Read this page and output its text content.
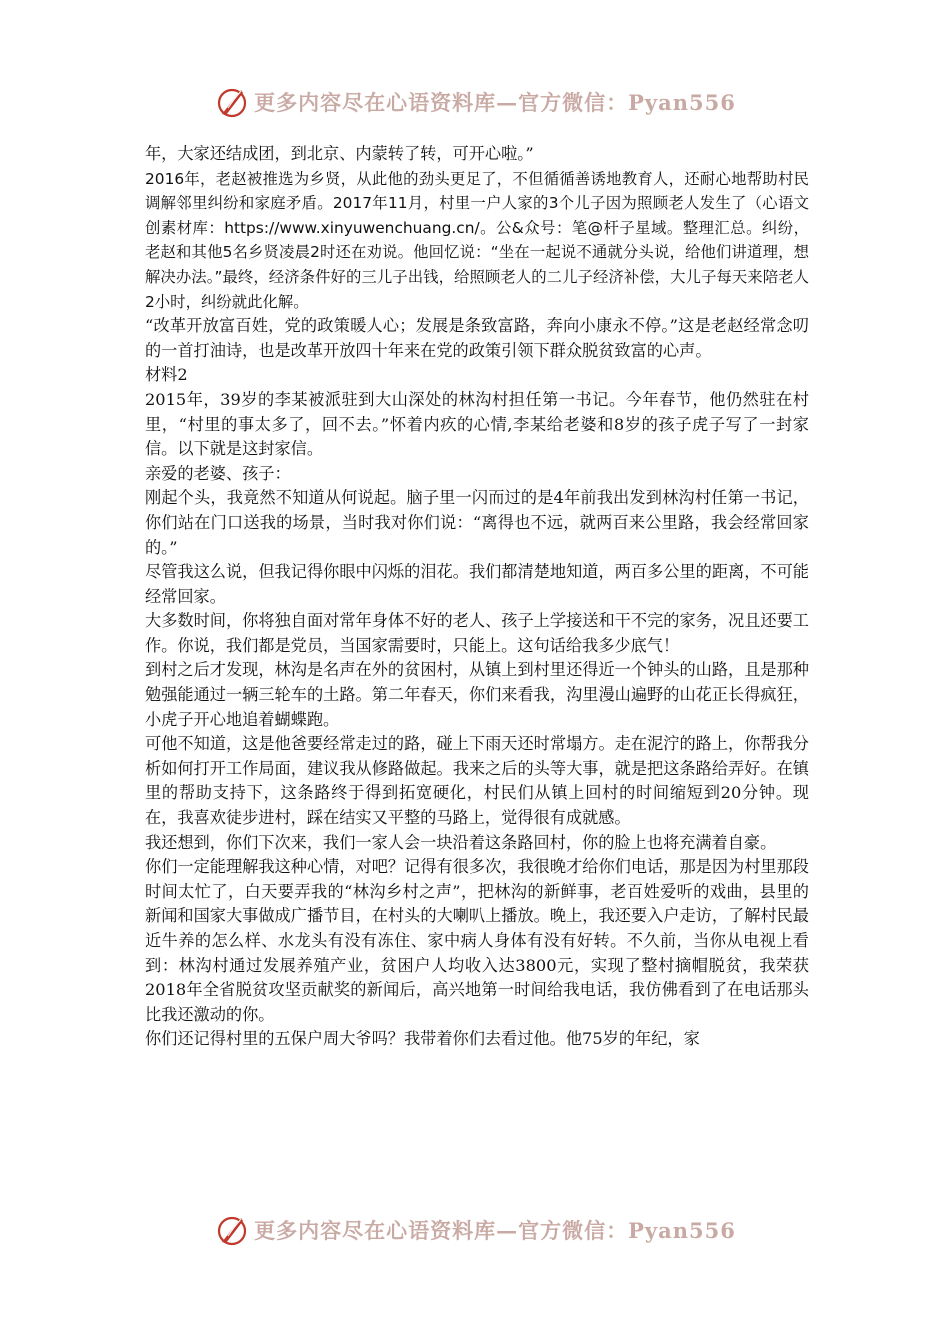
更多内容尽在心语资料库—官方微信：Pyan556

年，大家还结成团，到北京、内蒙转了转，可开心啦。”

2016年，老赵被推选为乡贤，从此他的劲头更足了，不但循循善诱地教育人，还耐心地帮助村民调解邻里纠纷和家庭矛盾。2017年11月，村里一户人家的3个儿子因为照顾老人发生了（心语文创素材库：https://www.xinyuwenchuang.cn/。公&众号：笔@杆子星域。整理汇总。纠纷，老赵和其他5名乡贤凌晨2时还在劝说。他回忆说：“坐在一起说不通就分头说，给他们讲道理，想解决办法。”最终，经济条件好的三儿子出钱，给照顾老人的二儿子经济补偿，大儿子每天来陪老人2小时，纠纷就此化解。

“改革开放富百姓，党的政策暖人心；发展是条致富路，奔向小康永不停。”这是老赵经常念叨的一首打油诗，也是改革开放四十年来在党的政策引领下群众脱贫致富的心声。

材料2

2015年，39岁的李某被派驻到大山深处的林沟村担任第一书记。今年春节，他仍然驻在村里，“村里的事太多了，回不去。”怀着内疚的心情,李某给老婆和8岁的孩子虎子写了一封家信。以下就是这封家信。

亲爱的老婆、孩子：

刚起个头，我竟然不知道从何说起。脑子里一闪而过的是4年前我出发到林沟村任第一书记，你们站在门口送我的场景，当时我对你们说：“离得也不远，就两百来公里路，我会经常回家的。”

尽管我这么说，但我记得你眼中闪烁的泪花。我们都清楚地知道，两百多公里的距离，不可能经常回家。

大多数时间，你将独自面对常年身体不好的老人、孩子上学接送和干不完的家务，况且还要工作。你说，我们都是党员，当国家需要时，只能上。这句话给我多少底气！

到村之后才发现，林沟是名声在外的贫困村，从镇上到村里还得近一个钟头的山路，且是那种勉强能通过一辆三轮车的土路。第二年春天，你们来看我，沟里漫山遍野的山花正长得疯狂，小虎子开心地追着蝴蝶跑。

可他不知道，这是他爸要经常走过的路，碰上下雨天还时常塌方。走在泥泞的路上，你帮我分析如何打开工作局面，建议我从修路做起。我来之后的头等大事，就是把这条路给弄好。在镇里的帮助支持下，这条路终于得到拓宽硬化，村民们从镇上回村的时间缩短到20分钟。现在，我喜欢徒步进村，踩在结实又平整的马路上，觉得很有成就感。

我还想到，你们下次来，我们一家人会一块沿着这条路回村，你的脸上也将充满着自豪。

你们一定能理解我这种心情，对吧？记得有很多次，我很晚才给你们电话，那是因为村里那段时间太忙了，白天要弄我的“林沟乡村之声”，把林沟的新鲜事，老百姓爱听的戏曲，县里的新闻和国家大事做成广播节目，在村头的大喇叭上播放。晚上，我还要入户走访，了解村民最近牛养的怎么样、水龙头有没有冻住、家中病人身体有没有好转。不久前，当你从电视上看到：林沟村通过发展养殖产业，贫困户人均收入达3800元，实现了整村摘帽脱贫，我荣获2018年全省脱贫攻坚贡献奖的新闻后，高兴地第一时间给我电话，我仿佛看到了在电话那头比我还激动的你。

你们还记得村里的五保户周大爷吗？我带着你们去看过他。他75岁的年纪，家

更多内容尽在心语资料库—官方微信：Pyan556
